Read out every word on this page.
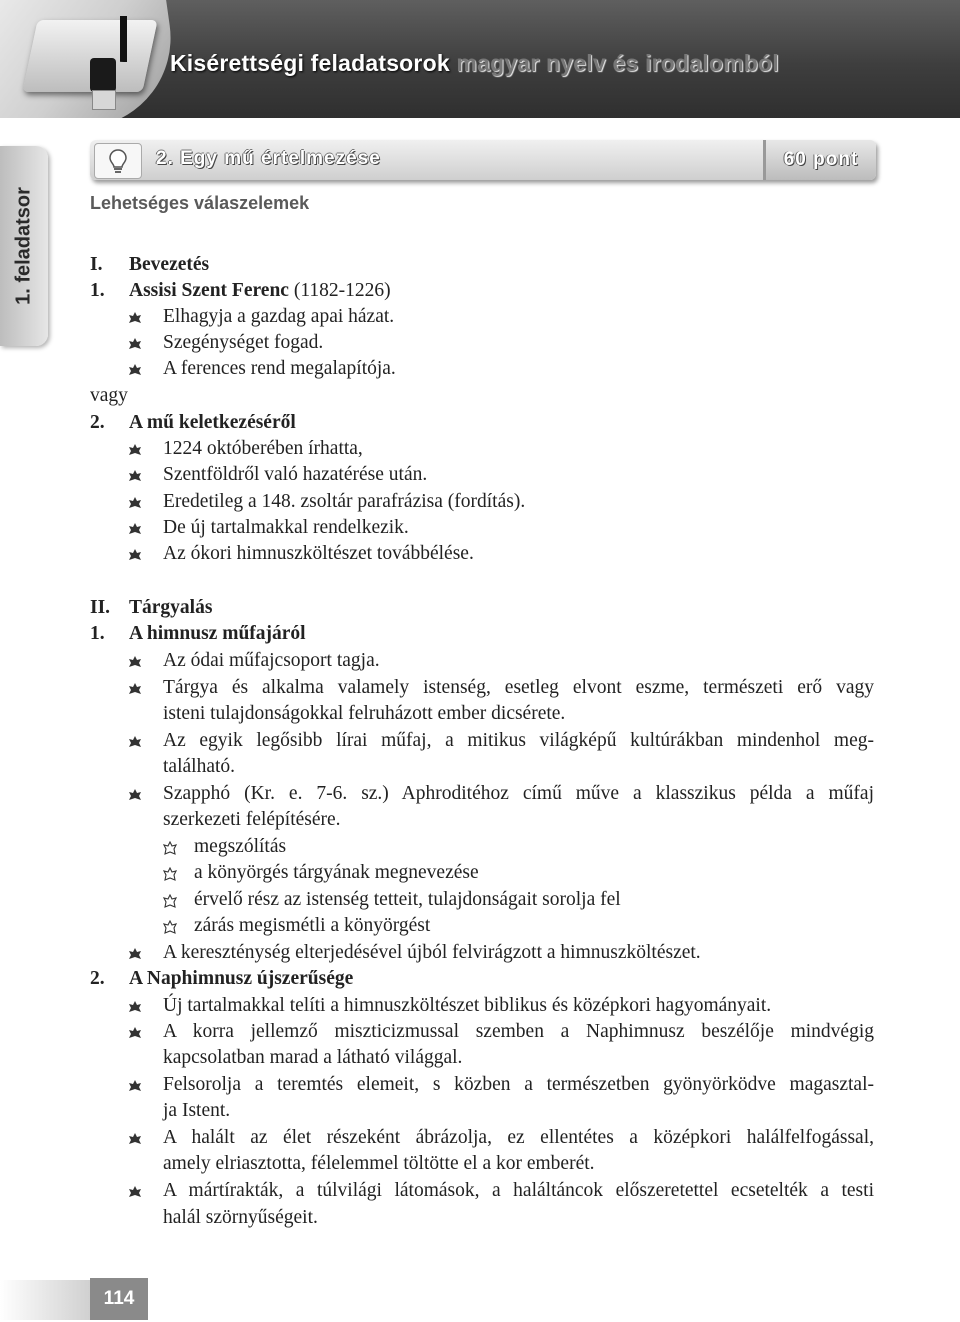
Kisérettségi feladatsorok magyar nyelv és irodalomból
1. feladatsor
2. Egy mű értelmezése	60 pont
Lehetséges válaszelemek
I. Bevezetés
1. Assisi Szent Ferenc (1182-1226)
Elhagyja a gazdag apai házat.
Szegénységet fogad.
A ferences rend megalapítója.
vagy
2. A mű keletkezéséről
1224 októberében írhatta,
Szentföldről való hazatérése után.
Eredetileg a 148. zsoltár parafrázisa (fordítás).
De új tartalmakkal rendelkezik.
Az ókori himnuszköltészet továbbélése.
II. Tárgyalás
1. A himnusz műfajáról
Az ódai műfajcsoport tagja.
Tárgya és alkalma valamely istenség, esetleg elvont eszme, természeti erő vagy
isteni tulajdonságokkal felruházott ember dicsérete.
Az egyik legősibb lírai műfaj, a mitikus világképű kultúrákban mindenhol meg-
található.
Szapphó (Kr. e. 7-6. sz.) Aphroditéhoz című műve a klasszikus példa a műfaj
szerkezeti felépítésére.
megszólítás
a könyörgés tárgyának megnevezése
érvelő rész az istenség tetteit, tulajdonságait sorolja fel
zárás megismétli a könyörgést
A kereszténység elterjedésével újból felvirágzott a himnuszköltészet.
2. A Naphimnusz újszerűsége
Új tartalmakkal telíti a himnuszköltészet biblikus és középkori hagyományait.
A korra jellemző miszticizmussal szemben a Naphimnusz beszélője mindvégig
kapcsolatban marad a látható világgal.
Felsorolja a teremtés elemeit, s közben a természetben gyönyörködve magasztal-
ja Istent.
A halált az élet részeként ábrázolja, ez ellentétes a középkori halálfelfogással,
amely elriasztotta, félelemmel töltötte el a kor emberét.
A mártírakták, a túlvilági látomások, a haláltáncok előszeretettel ecsetelték a testi
halál szörnyűségeit.
114
